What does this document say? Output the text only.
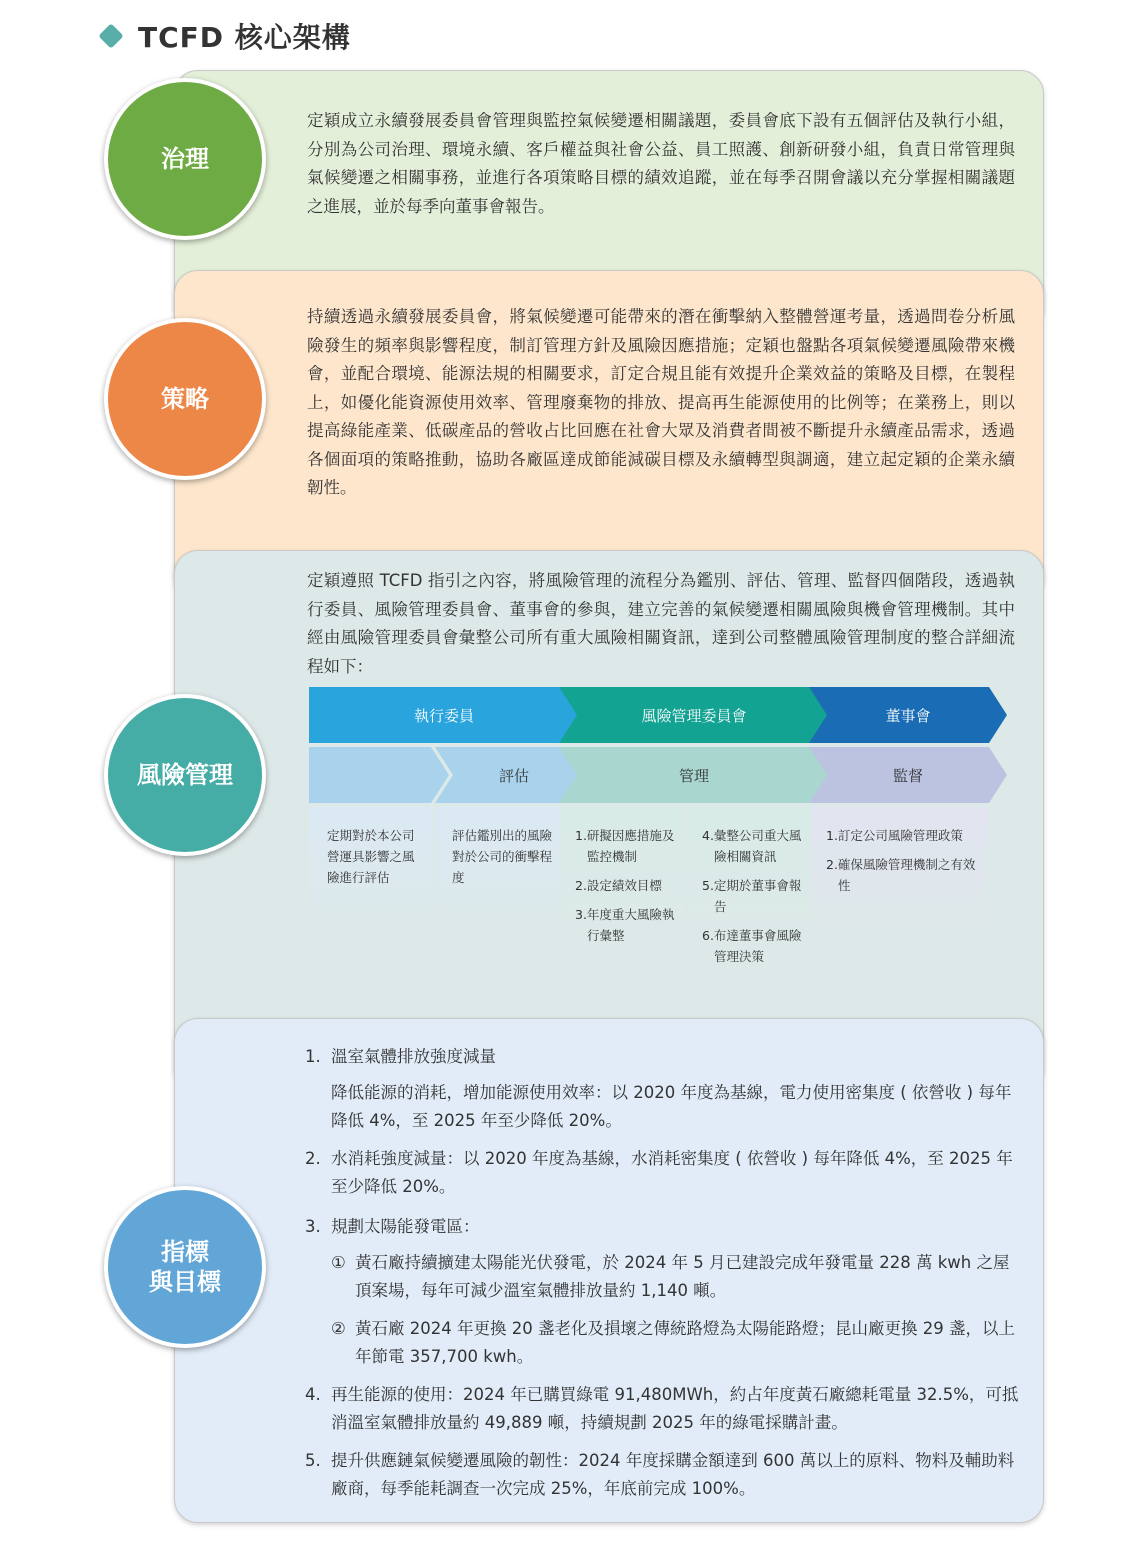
TCFD 核心架構
定穎成立永續發展委員會管理與監控氣候變遷相關議題，委員會底下設有五個評估及執行小組，分別為公司治理、環境永續、客戶權益與社會公益、員工照護、創新研發小組，負責日常管理與氣候變遷之相關事務，並進行各項策略目標的績效追蹤，並在每季召開會議以充分掌握相關議題之進展，並於每季向董事會報告。
治理
持續透過永續發展委員會，將氣候變遷可能帶來的潛在衝擊納入整體營運考量，透過問卷分析風險發生的頻率與影響程度，制訂管理方針及風險因應措施；定穎也盤點各項氣候變遷風險帶來機會，並配合環境、能源法規的相關要求，訂定合規且能有效提升企業效益的策略及目標，在製程上，如優化能資源使用效率、管理廢棄物的排放、提高再生能源使用的比例等；在業務上，則以提高綠能產業、低碳產品的營收占比回應在社會大眾及消費者間被不斷提升永續產品需求，透過各個面項的策略推動，協助各廠區達成節能減碳目標及永續轉型與調適，建立起定穎的企業永續韌性。
策略
定穎遵照 TCFD 指引之內容，將風險管理的流程分為鑑別、評估、管理、監督四個階段，透過執行委員、風險管理委員會、董事會的參與，建立完善的氣候變遷相關風險與機會管理機制。其中經由風險管理委員會彙整公司所有重大風險相關資訊，達到公司整體風險管理制度的整合詳細流程如下：
執行委員	風險管理委員會	董事會
評估	管理	監督
定期對於本公司營運具影響之風險進行評估
評估鑑別出的風險對於公司的衝擊程度
1.研擬因應措施及監控機制
2.設定績效目標
3.年度重大風險執行彙整
4.彙整公司重大風險相關資訊
5.定期於董事會報告
6.布達董事會風險管理決策
1.訂定公司風險管理政策
2.確保風險管理機制之有效性
風險管理
1. 溫室氣體排放強度減量
降低能源的消耗，增加能源使用效率：以 2020 年度為基線，電力使用密集度 ( 依營收 ) 每年降低 4%，至 2025 年至少降低 20%。
2. 水消耗強度減量：以 2020 年度為基線，水消耗密集度 ( 依營收 ) 每年降低 4%，至 2025 年至少降低 20%。
3. 規劃太陽能發電區：
① 黃石廠持續擴建太陽能光伏發電，於 2024 年 5 月已建設完成年發電量 228 萬 kwh 之屋頂案場，每年可減少溫室氣體排放量約 1,140 噸。
② 黃石廠 2024 年更換 20 盞老化及損壞之傳統路燈為太陽能路燈；昆山廠更換 29 盞，以上年節電 357,700 kwh。
4. 再生能源的使用：2024 年已購買綠電 91,480MWh，約占年度黃石廠總耗電量 32.5%，可抵消溫室氣體排放量約 49,889 噸，持續規劃 2025 年的綠電採購計畫。
5. 提升供應鏈氣候變遷風險的韌性：2024 年度採購金額達到 600 萬以上的原料、物料及輔助料廠商，每季能耗調查一次完成 25%，年底前完成 100%。
指標
與目標
